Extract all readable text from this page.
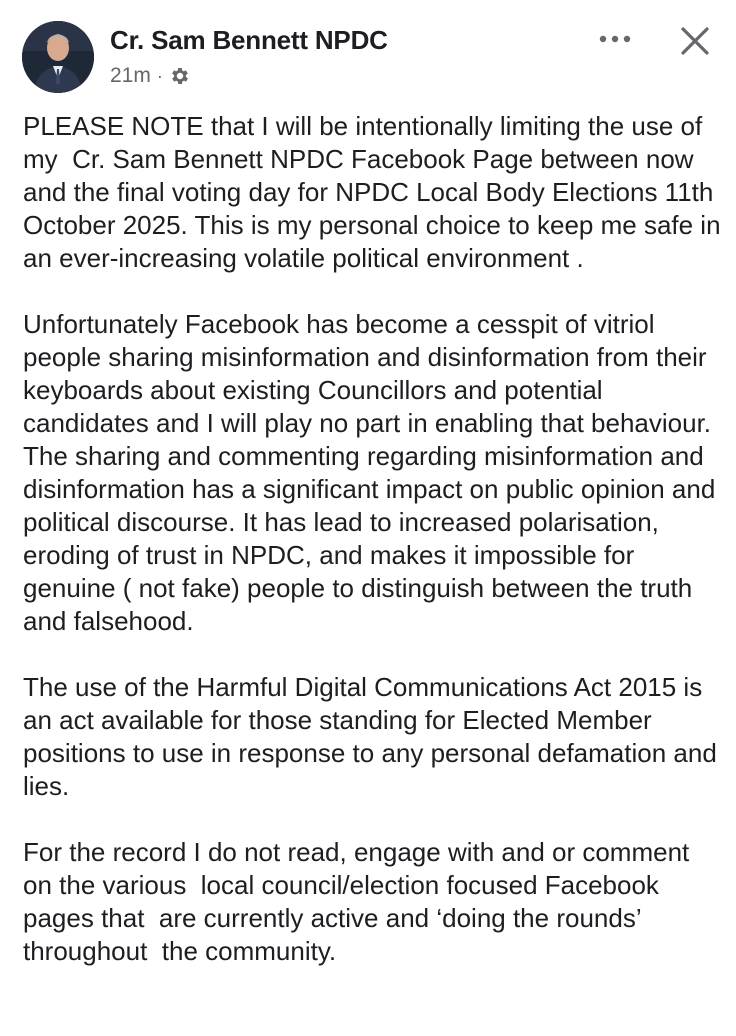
Cr. Sam Bennett NPDC
21m ·

PLEASE NOTE that I will be intentionally limiting the use of my  Cr. Sam Bennett NPDC Facebook Page between now and the final voting day for NPDC Local Body Elections 11th October 2025. This is my personal choice to keep me safe in an ever-increasing volatile political environment .

Unfortunately Facebook has become a cesspit of vitriol people sharing misinformation and disinformation from their keyboards about existing Councillors and potential candidates and I will play no part in enabling that behaviour.   The sharing and commenting regarding misinformation and disinformation has a significant impact on public opinion and political discourse. It has lead to increased polarisation, eroding of trust in NPDC, and makes it impossible for genuine ( not fake) people to distinguish between the truth and falsehood.

The use of the Harmful Digital Communications Act 2015 is an act available for those standing for Elected Member positions to use in response to any personal defamation and lies.

For the record I do not read, engage with and or comment on the various  local council/election focused Facebook pages that  are currently active and ‘doing the rounds’ throughout  the community.
